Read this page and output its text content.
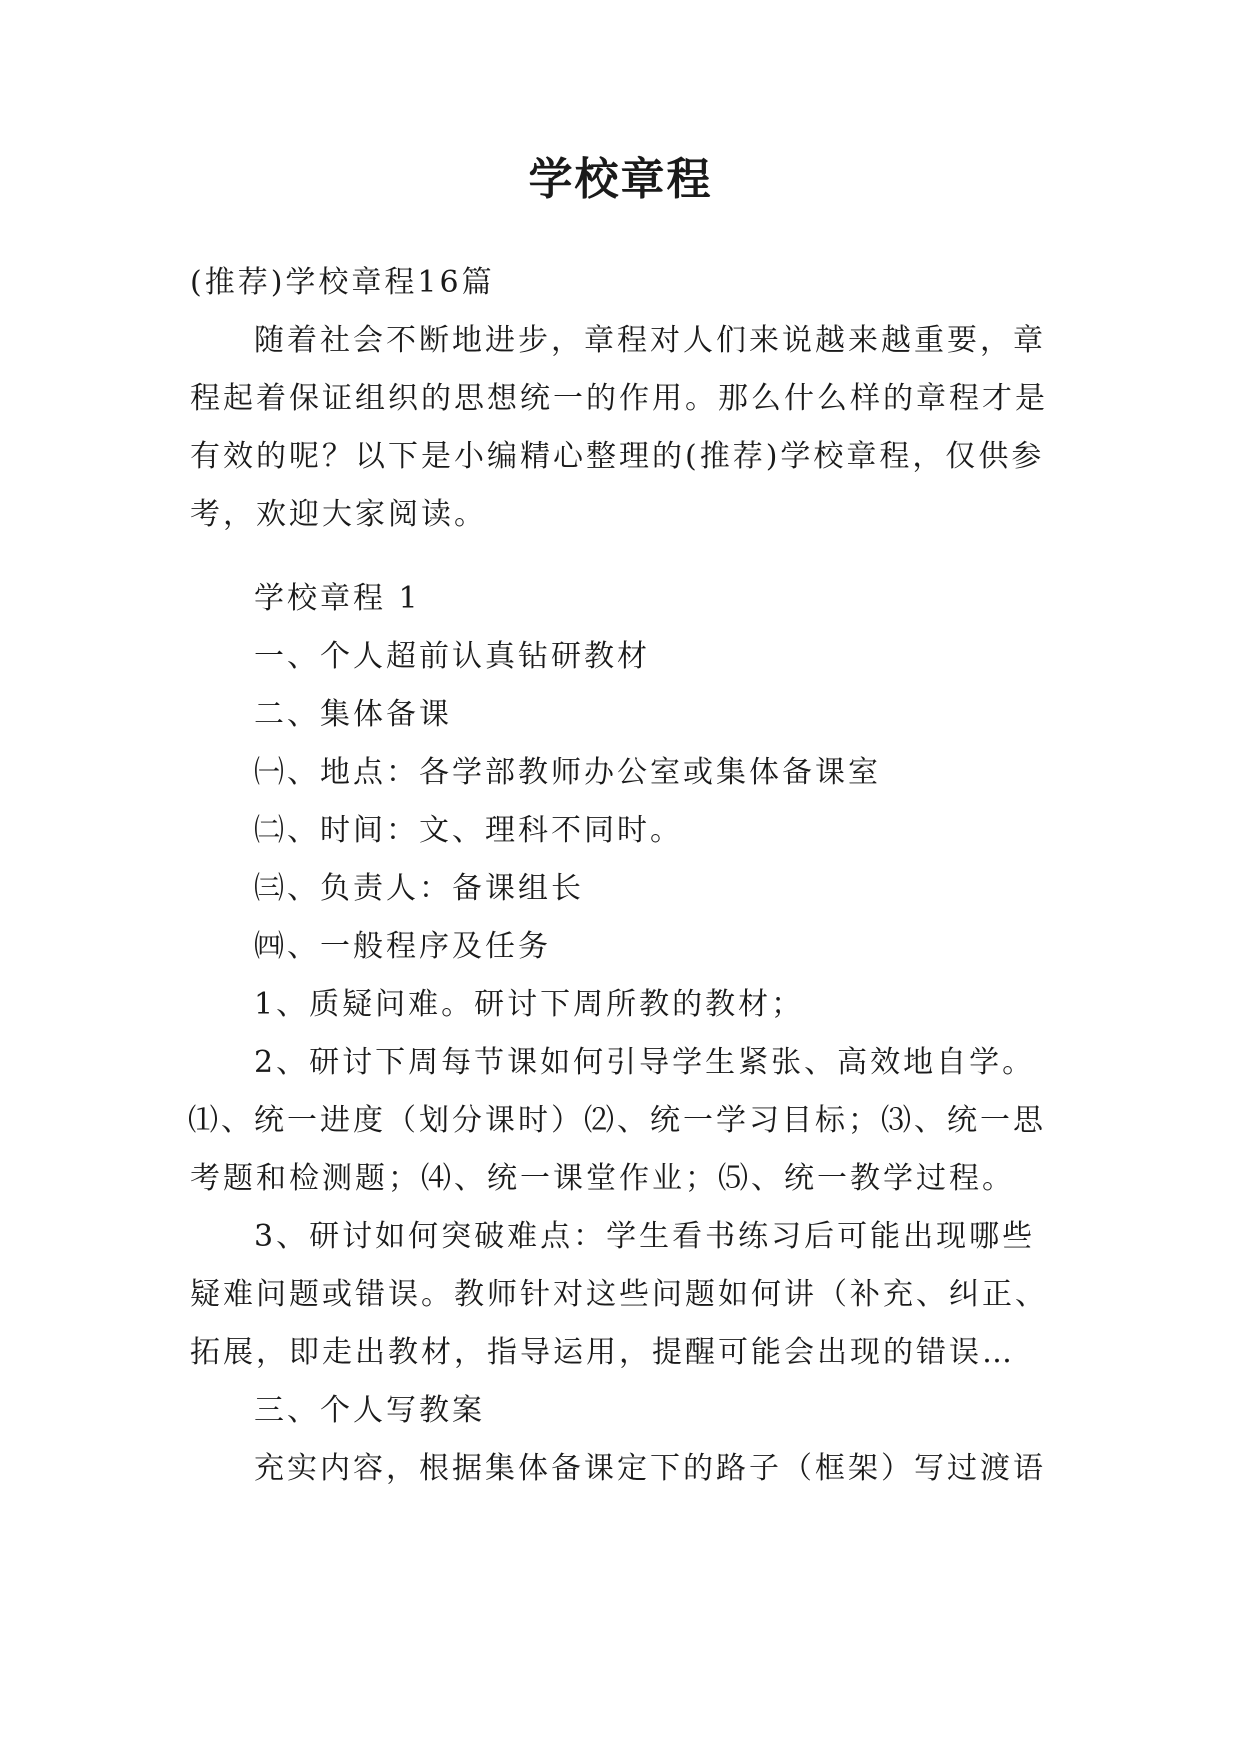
学校章程
(推荐)学校章程16篇
随着社会不断地进步，章程对人们来说越来越重要，章
程起着保证组织的思想统一的作用。那么什么样的章程才是
有效的呢？以下是小编精心整理的(推荐)学校章程，仅供参
考，欢迎大家阅读。
学校章程 1
一、个人超前认真钻研教材
二、集体备课
㈠、地点：各学部教师办公室或集体备课室
㈡、时间：文、理科不同时。
㈢、负责人：备课组长
㈣、一般程序及任务
1、质疑问难。研讨下周所教的教材；
2、研讨下周每节课如何引导学生紧张、高效地自学。
⑴、统一进度（划分课时）⑵、统一学习目标；⑶、统一思
考题和检测题；⑷、统一课堂作业；⑸、统一教学过程。
3、研讨如何突破难点：学生看书练习后可能出现哪些
疑难问题或错误。教师针对这些问题如何讲（补充、纠正、
拓展，即走出教材，指导运用，提醒可能会出现的错误…
三、个人写教案
充实内容，根据集体备课定下的路子（框架）写过渡语
